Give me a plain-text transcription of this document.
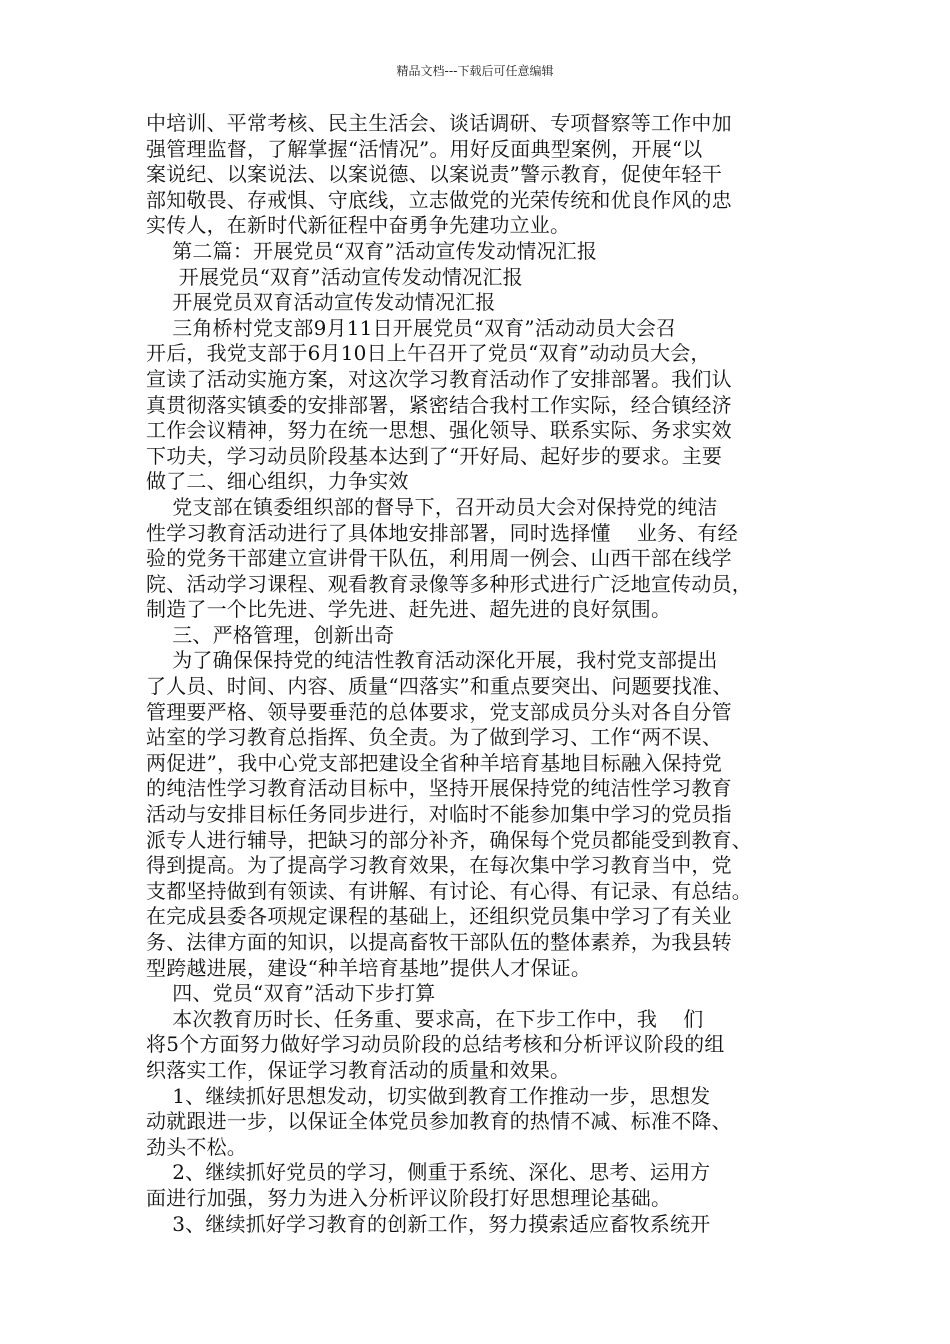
精品文档---下载后可任意编辑
中培训、平常考核、民主生活会、谈话调研、专项督察等工作中加
强管理监督，了解掌握“活情况”。用好反面典型案例，开展“以
案说纪、以案说法、以案说德、以案说责”警示教育，促使年轻干
部知敬畏、存戒惧、守底线，立志做党的光荣传统和优良作风的忠
实传人，在新时代新征程中奋勇争先建功立业。
第二篇：开展党员“双育”活动宣传发动情况汇报
开展党员“双育”活动宣传发动情况汇报
开展党员双育活动宣传发动情况汇报
三角桥村党支部9月11日开展党员“双育”活动动员大会召
开后，我党支部于6月10日上午召开了党员“双育”动动员大会，
宣读了活动实施方案，对这次学习教育活动作了安排部署。我们认
真贯彻落实镇委的安排部署，紧密结合我村工作实际，经合镇经济
工作会议精神，努力在统一思想、强化领导、联系实际、务求实效
下功夫，学习动员阶段基本达到了“开好局、起好步的要求。主要
做了二、细心组织，力争实效
党支部在镇委组织部的督导下，召开动员大会对保持党的纯洁
性学习教育活动进行了具体地安排部署，同时选择懂    业务、有经
验的党务干部建立宣讲骨干队伍，利用周一例会、山西干部在线学
院、活动学习课程、观看教育录像等多种形式进行广泛地宣传动员，
制造了一个比先进、学先进、赶先进、超先进的良好氛围。
三、严格管理，创新出奇
为了确保保持党的纯洁性教育活动深化开展，我村党支部提出
了人员、时间、内容、质量“四落实”和重点要突出、问题要找准、
管理要严格、领导要垂范的总体要求，党支部成员分头对各自分管
站室的学习教育总指挥、负全责。为了做到学习、工作“两不误、
两促进”，我中心党支部把建设全省种羊培育基地目标融入保持党
的纯洁性学习教育活动目标中，坚持开展保持党的纯洁性学习教育
活动与安排目标任务同步进行，对临时不能参加集中学习的党员指
派专人进行辅导，把缺习的部分补齐，确保每个党员都能受到教育、
得到提高。为了提高学习教育效果，在每次集中学习教育当中，党
支都坚持做到有领读、有讲解、有讨论、有心得、有记录、有总结。
在完成县委各项规定课程的基础上，还组织党员集中学习了有关业
务、法律方面的知识，以提高畜牧干部队伍的整体素养，为我县转
型跨越进展，建设“种羊培育基地”提供人才保证。
四、党员“双育”活动下步打算
本次教育历时长、任务重、要求高，在下步工作中，我    们
将5个方面努力做好学习动员阶段的总结考核和分析评议阶段的组
织落实工作，保证学习教育活动的质量和效果。
1、继续抓好思想发动，切实做到教育工作推动一步，思想发
动就跟进一步，以保证全体党员参加教育的热情不减、标准不降、
劲头不松。
2、继续抓好党员的学习，侧重于系统、深化、思考、运用方
面进行加强，努力为进入分析评议阶段打好思想理论基础。
3、继续抓好学习教育的创新工作，努力摸索适应畜牧系统开
